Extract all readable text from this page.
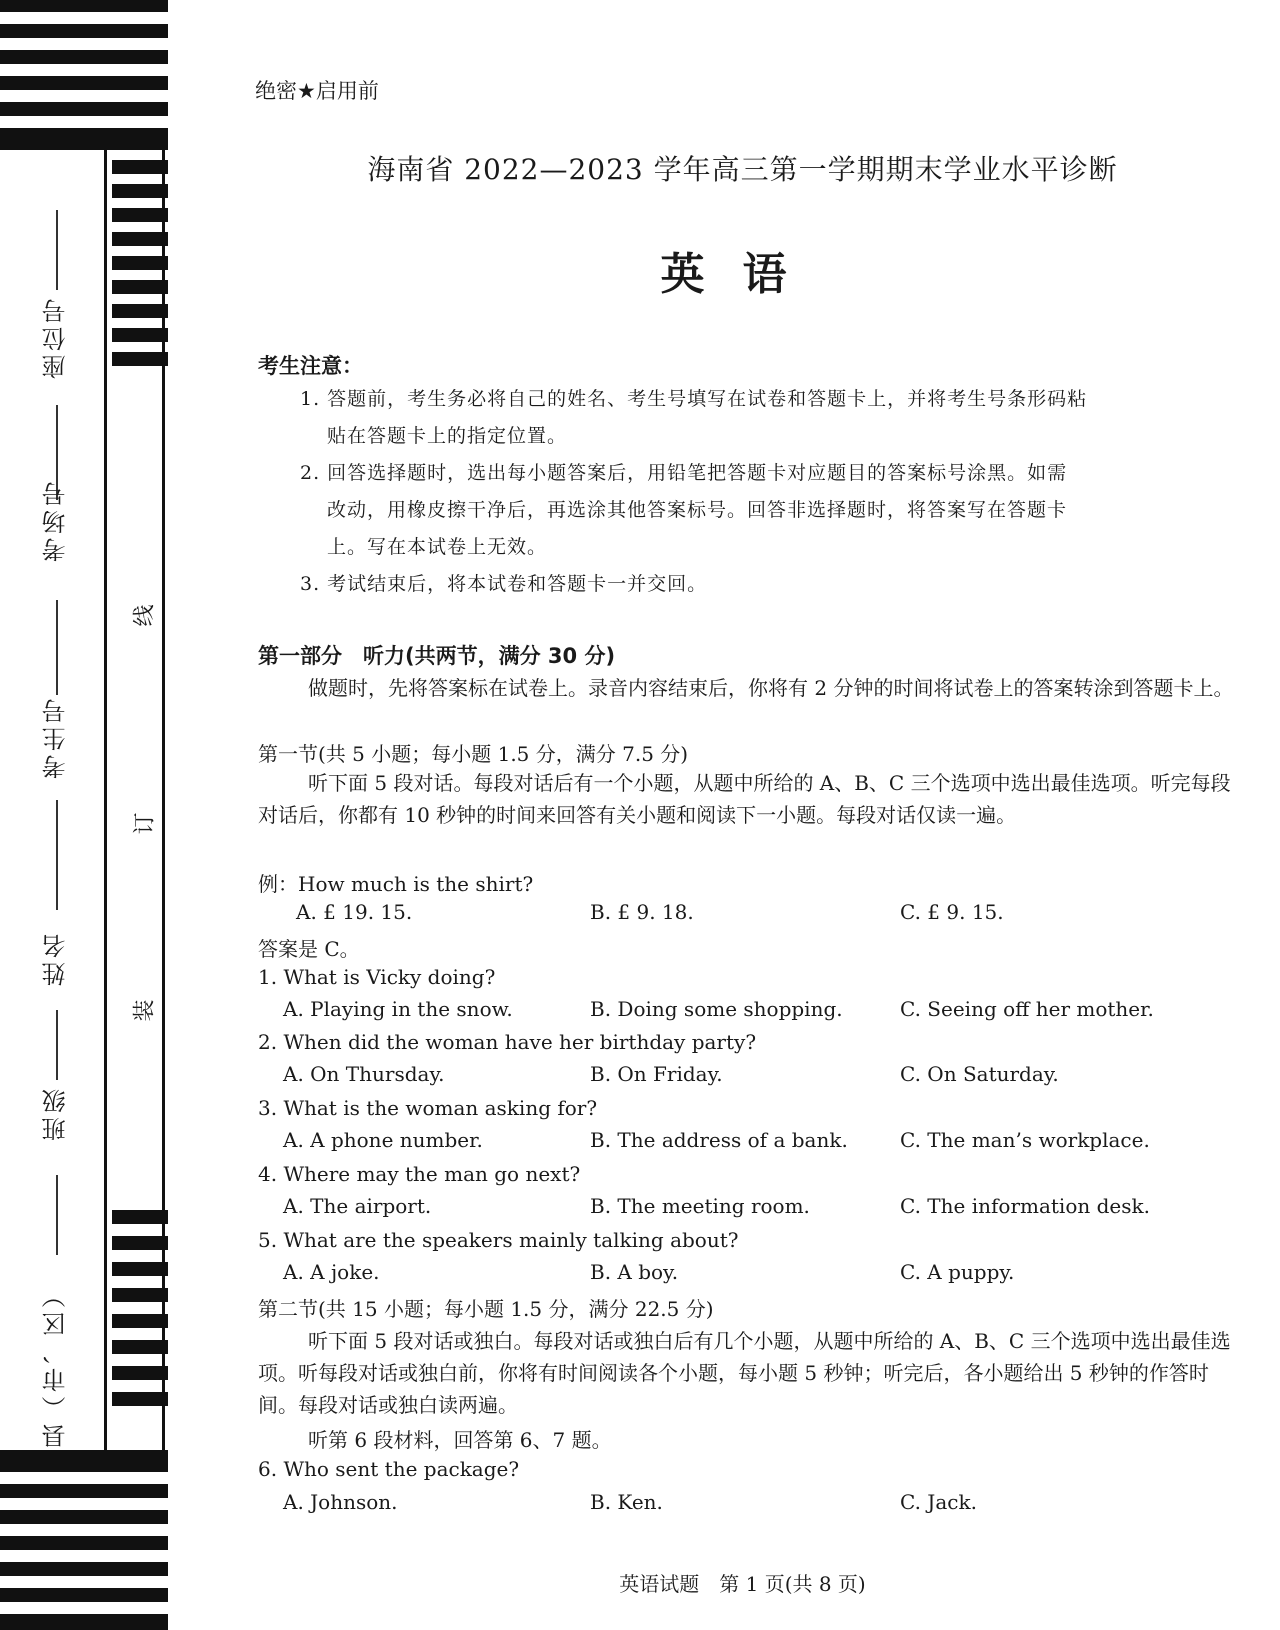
座位号
考场号
考生号
姓名
班级
县（市、区）
线
订
装
绝密★启用前
海南省 2022—2023 学年高三第一学期期末学业水平诊断
英语
考生注意：
1. 答题前，考生务必将自己的姓名、考生号填写在试卷和答题卡上，并将考生号条形码粘
贴在答题卡上的指定位置。
2. 回答选择题时，选出每小题答案后，用铅笔把答题卡对应题目的答案标号涂黑。如需
改动，用橡皮擦干净后，再选涂其他答案标号。回答非选择题时，将答案写在答题卡
上。写在本试卷上无效。
3. 考试结束后，将本试卷和答题卡一并交回。
第一部分　听力(共两节，满分 30 分)
做题时，先将答案标在试卷上。录音内容结束后，你将有 2 分钟的时间将试卷上的答案转涂到答题卡上。
第一节(共 5 小题；每小题 1.5 分，满分 7.5 分)
听下面 5 段对话。每段对话后有一个小题，从题中所给的 A、B、C 三个选项中选出最佳选项。听完每段对话后，你都有 10 秒钟的时间来回答有关小题和阅读下一小题。每段对话仅读一遍。
例：How much is the shirt?
A. £ 19. 15.	B. £ 9. 18.	C. £ 9. 15.
答案是 C。
1. What is Vicky doing?
A. Playing in the snow.	B. Doing some shopping.	C. Seeing off her mother.
2. When did the woman have her birthday party?
A. On Thursday.	B. On Friday.	C. On Saturday.
3. What is the woman asking for?
A. A phone number.	B. The address of a bank.	C. The man’s workplace.
4. Where may the man go next?
A. The airport.	B. The meeting room.	C. The information desk.
5. What are the speakers mainly talking about?
A. A joke.	B. A boy.	C. A puppy.
第二节(共 15 小题；每小题 1.5 分，满分 22.5 分)
听下面 5 段对话或独白。每段对话或独白后有几个小题，从题中所给的 A、B、C 三个选项中选出最佳选项。听每段对话或独白前，你将有时间阅读各个小题，每小题 5 秒钟；听完后，各小题给出 5 秒钟的作答时间。每段对话或独白读两遍。
听第 6 段材料，回答第 6、7 题。
6. Who sent the package?
A. Johnson.	B. Ken.	C. Jack.
英语试题　第 1 页(共 8 页)
